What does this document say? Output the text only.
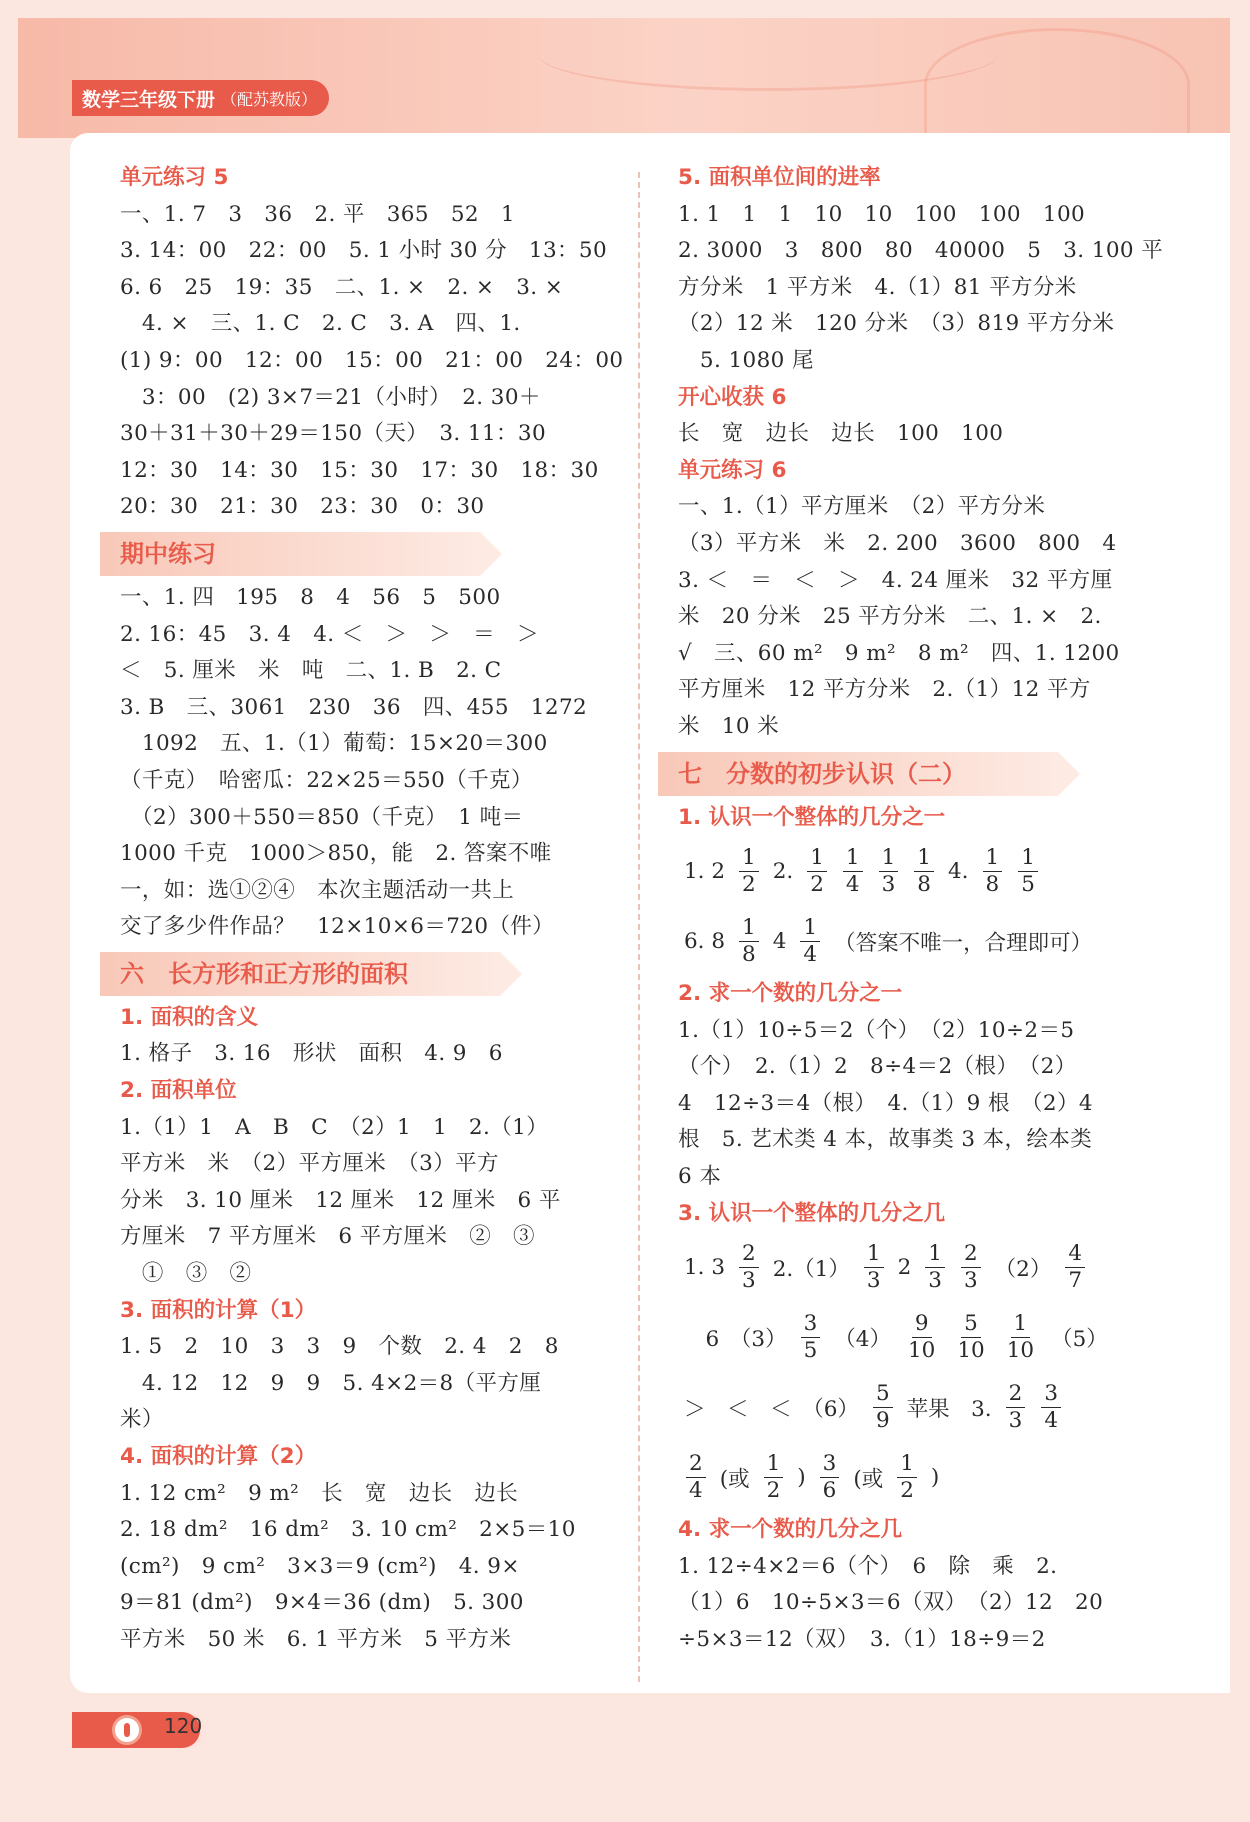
数学三年级下册 （配苏教版）
单元练习 5
一、1. 7　3　36　2. 平　365　52　1
3. 14：00　22：00　5. 1 小时 30 分　13：50
6. 6　25　19：35　二、1. ×　2. ×　3. ×
　4. ×　三、1. C　2. C　3. A　四、1.
(1) 9：00　12：00　15：00　21：00　24：00
　3：00　(2) 3×7＝21（小时）　2. 30＋
30＋31＋30＋29＝150（天）　3. 11：30
12：30　14：30　15：30　17：30　18：30
20：30　21：30　23：30　0：30
期中练习
一、1. 四　195　8　4　56　5　500
2. 16：45　3. 4　4. ＜　＞　＞　＝　＞
＜　5. 厘米　米　吨　二、1. B　2. C
3. B　三、3061　230　36　四、455　1272
　1092　五、1.（1）葡萄：15×20＝300
（千克）　哈密瓜：22×25＝550（千克）
　（2）300＋550＝850（千克）　1 吨＝
1000 千克　1000＞850，能　2. 答案不唯
一，如：选①②④　本次主题活动一共上
交了多少件作品？　12×10×6＝720（件）
六　长方形和正方形的面积
1. 面积的含义
1. 格子　3. 16　形状　面积　4. 9　6
2. 面积单位
1.（1）1　A　B　C　（2）1　1　2.（1）
平方米　米　（2）平方厘米　（3）平方
分米　3. 10 厘米　12 厘米　12 厘米　6 平
方厘米　7 平方厘米　6 平方厘米　②　③
　①　③　②
3. 面积的计算（1）
1. 5　2　10　3　3　9　个数　2. 4　2　8
　4. 12　12　9　9　5. 4×2＝8（平方厘
米）
4. 面积的计算（2）
1. 12 cm²　9 m²　长　宽　边长　边长
2. 18 dm²　16 dm²　3. 10 cm²　2×5＝10
(cm²)　9 cm²　3×3＝9 (cm²)　4. 9×
9＝81 (dm²)　9×4＝36 (dm)　5. 300
平方米　50 米　6. 1 平方米　5 平方米
5. 面积单位间的进率
1. 1　1　1　10　10　100　100　100
2. 3000　3　800　80　40000　5　3. 100 平
方分米　1 平方米　4.（1）81 平方分米
（2）12 米　120 分米　（3）819 平方分米
　5. 1080 尾
开心收获 6
长　宽　边长　边长　100　100
单元练习 6
一、1.（1）平方厘米　（2）平方分米
（3）平方米　米　2. 200　3600　800　4
3. ＜　＝　＜　＞　4. 24 厘米　32 平方厘
米　20 分米　25 平方分米　二、1. ×　2.
√　三、60 m²　9 m²　8 m²　四、1. 1200
平方厘米　12 平方分米　2.（1）12 平方
米　10 米
七　分数的初步认识（二）
1. 认识一个整体的几分之一
1. $2 \frac{1}{2} 2$. $\frac{1}{2} \frac{1}{4} \frac{1}{3} \frac{1}{8} 4$. $\frac{1}{8} \frac{1}{5}$
6. $8 \frac{1}{8} 4 \frac{1}{4}$ （答案不唯一，合理即可）
2. 求一个数的几分之一
1.（1）10÷5＝2（个）　（2）10÷2＝5
（个）　2.（1）2　8÷4＝2（根）　（2）
4　12÷3＝4（根）　4.（1）9 根　（2）4
根　5. 艺术类 4 本，故事类 3 本，绘本类
6 本
3. 认识一个整体的几分之几
1. $3 \frac{2}{3} 2.(1) \frac{1}{3} 2 \frac{1}{3} \frac{2}{3} (2) \frac{4}{7}$
　6　$(3) \frac{3}{5} (4) \frac{9}{10} \frac{5}{10} \frac{1}{10} (5)$
＞　＜　＜　$(6) \frac{5}{9}$ 苹果　3. $\frac{2}{3} \frac{3}{4}$
$\frac{2}{4}$ (或 $\frac{1}{2}$ ) $\frac{3}{6}$ (或 $\frac{1}{2}$ )
4. 求一个数的几分之几
1. 12÷4×2＝6（个）　6　除　乘　2.
（1）6　10÷5×3＝6（双）　（2）12　20
÷5×3＝12（双）　3.（1）18÷9＝2
120
